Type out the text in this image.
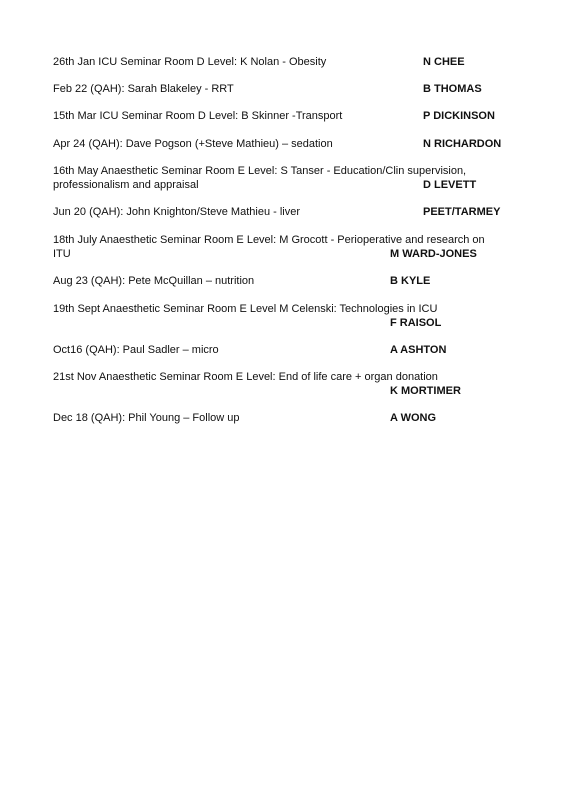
26th Jan ICU Seminar Room D Level: K Nolan - Obesity	N CHEE
Feb 22 (QAH): Sarah Blakeley - RRT	B THOMAS
15th Mar ICU Seminar Room D Level: B Skinner -Transport	P DICKINSON
Apr 24 (QAH): Dave Pogson (+Steve Mathieu) – sedation	N RICHARDON
16th May Anaesthetic Seminar Room E Level: S Tanser - Education/Clin supervision,
professionalism and appraisal	D LEVETT
Jun 20 (QAH): John Knighton/Steve Mathieu - liver	PEET/TARMEY
18th July Anaesthetic Seminar Room E Level: M Grocott - Perioperative and research on
ITU	M WARD-JONES
Aug 23 (QAH): Pete McQuillan – nutrition	B KYLE
19th Sept Anaesthetic Seminar Room E Level M Celenski: Technologies in ICU
F RAISOL
Oct16 (QAH): Paul Sadler – micro	A ASHTON
21st Nov Anaesthetic Seminar Room E Level: End of life care + organ donation
K MORTIMER
Dec 18 (QAH): Phil Young – Follow up	A WONG
